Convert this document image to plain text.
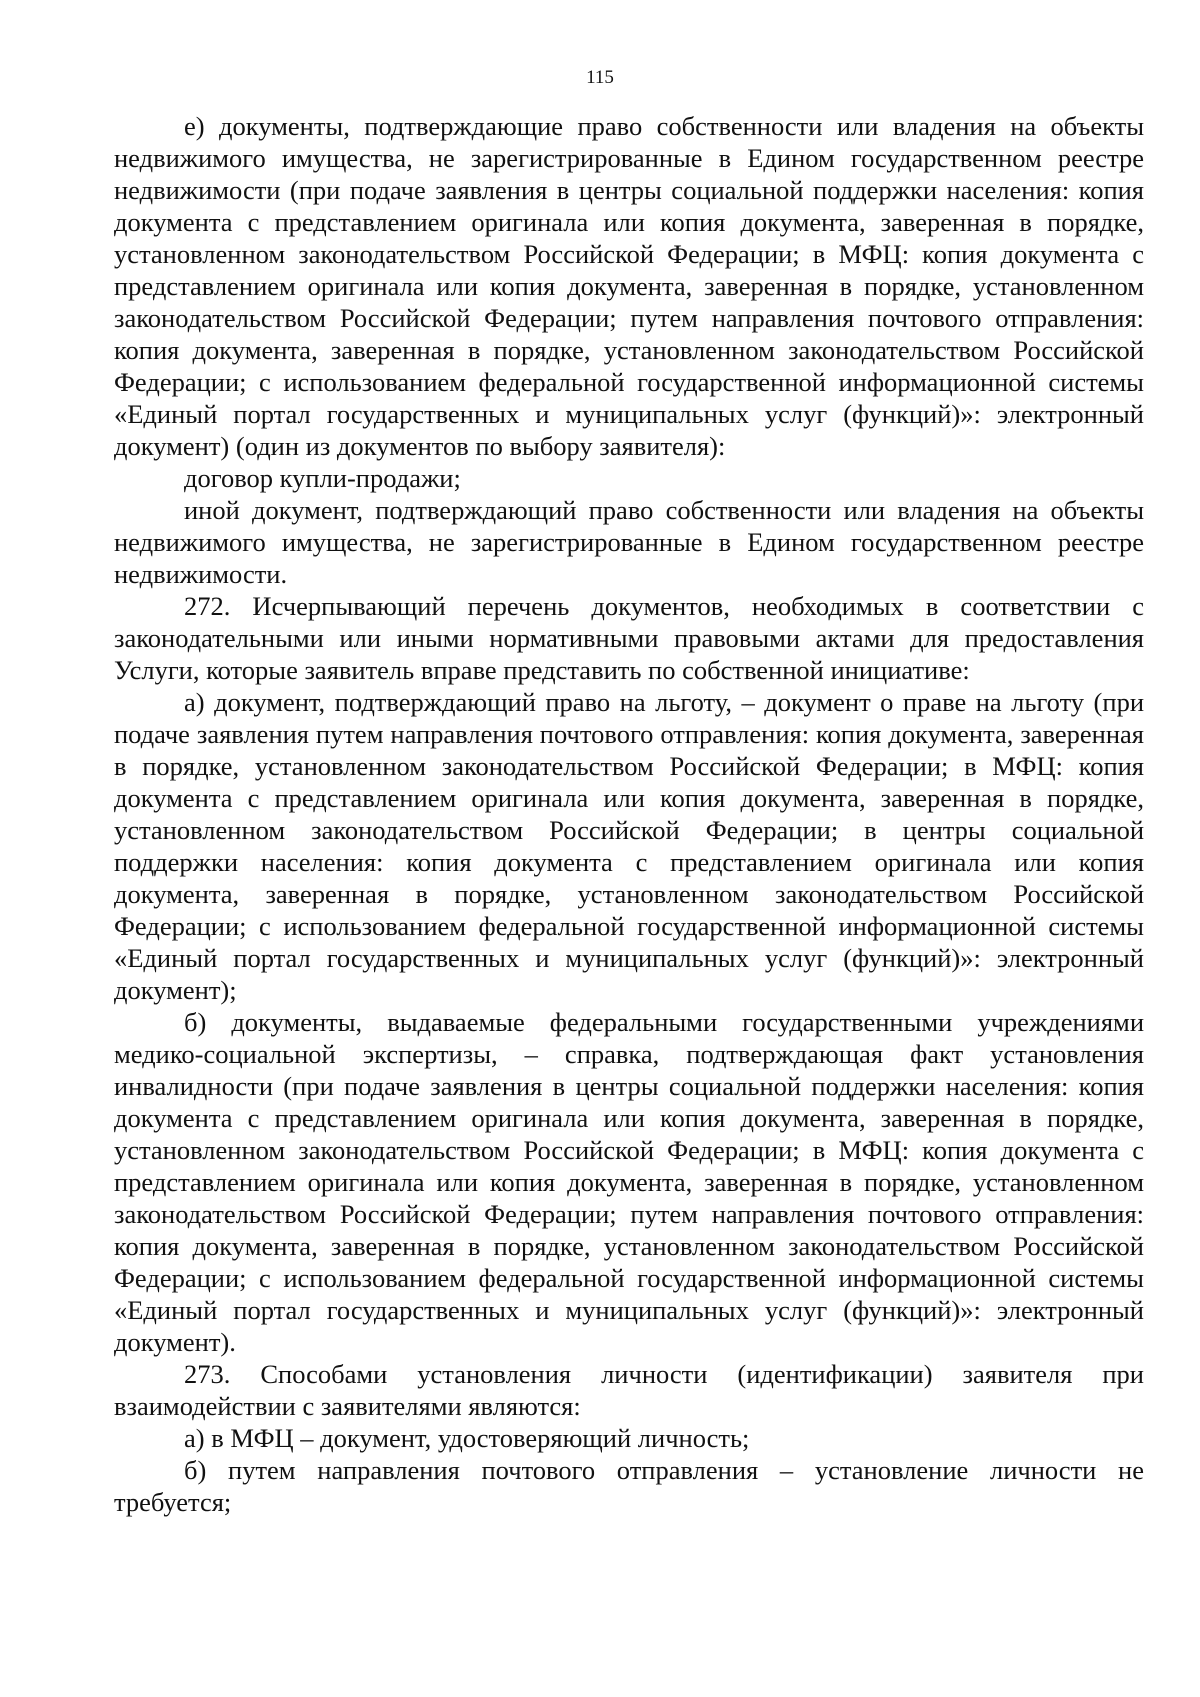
115

е) документы, подтверждающие право собственности или владения на объекты недвижимого имущества, не зарегистрированные в Едином государственном реестре недвижимости (при подаче заявления в центры социальной поддержки населения: копия документа с представлением оригинала или копия документа, заверенная в порядке, установленном законодательством Российской Федерации; в МФЦ: копия документа с представлением оригинала или копия документа, заверенная в порядке, установленном законодательством Российской Федерации; путем направления почтового отправления: копия документа, заверенная в порядке, установленном законодательством Российской Федерации; с использованием федеральной государственной информационной системы «Единый портал государственных и муниципальных услуг (функций)»: электронный документ) (один из документов по выбору заявителя):

договор купли-продажи;

иной документ, подтверждающий право собственности или владения на объекты недвижимого имущества, не зарегистрированные в Едином государственном реестре недвижимости.

272. Исчерпывающий перечень документов, необходимых в соответствии с законодательными или иными нормативными правовыми актами для предоставления Услуги, которые заявитель вправе представить по собственной инициативе:

а) документ, подтверждающий право на льготу, – документ о праве на льготу (при подаче заявления путем направления почтового отправления: копия документа, заверенная в порядке, установленном законодательством Российской Федерации; в МФЦ: копия документа с представлением оригинала или копия документа, заверенная в порядке, установленном законодательством Российской Федерации; в центры социальной поддержки населения: копия документа с представлением оригинала или копия документа, заверенная в порядке, установленном законодательством Российской Федерации; с использованием федеральной государственной информационной системы «Единый портал государственных и муниципальных услуг (функций)»: электронный документ);

б) документы, выдаваемые федеральными государственными учреждениями медико-социальной экспертизы, – справка, подтверждающая факт установления инвалидности (при подаче заявления в центры социальной поддержки населения: копия документа с представлением оригинала или копия документа, заверенная в порядке, установленном законодательством Российской Федерации; в МФЦ: копия документа с представлением оригинала или копия документа, заверенная в порядке, установленном законодательством Российской Федерации; путем направления почтового отправления: копия документа, заверенная в порядке, установленном законодательством Российской Федерации; с использованием федеральной государственной информационной системы «Единый портал государственных и муниципальных услуг (функций)»: электронный документ).

273. Способами установления личности (идентификации) заявителя при взаимодействии с заявителями являются:

а) в МФЦ – документ, удостоверяющий личность;

б) путем направления почтового отправления – установление личности не требуется;
